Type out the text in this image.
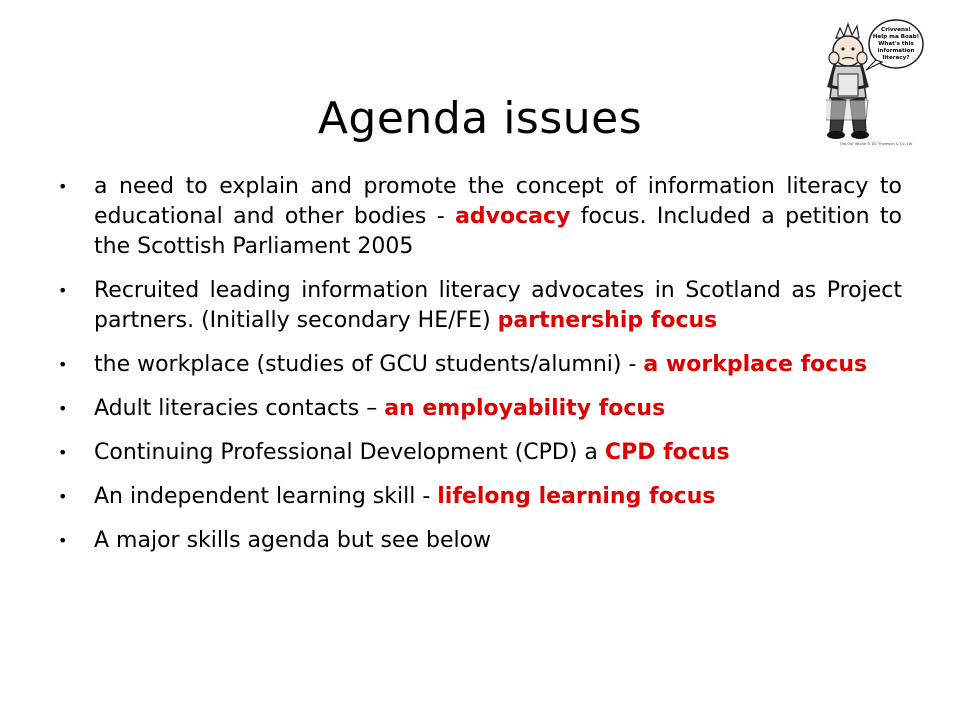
Agenda issues
Crivvens!
Help ma Boab!
What's this
information
literacy?
The Oor Wullie ® DC Thomson & Co. Ltd
•	a need to explain and promote the concept of information literacy to educational and other bodies - advocacy focus. Included a petition to the Scottish Parliament 2005
•	Recruited leading information literacy advocates in Scotland as Project partners. (Initially secondary HE/FE) partnership focus
•	the workplace (studies of GCU students/alumni) - a workplace focus
•	Adult literacies contacts – an employability focus
•	Continuing Professional Development (CPD) a CPD focus
•	An independent learning skill - lifelong learning focus
•	A major skills agenda but see below
